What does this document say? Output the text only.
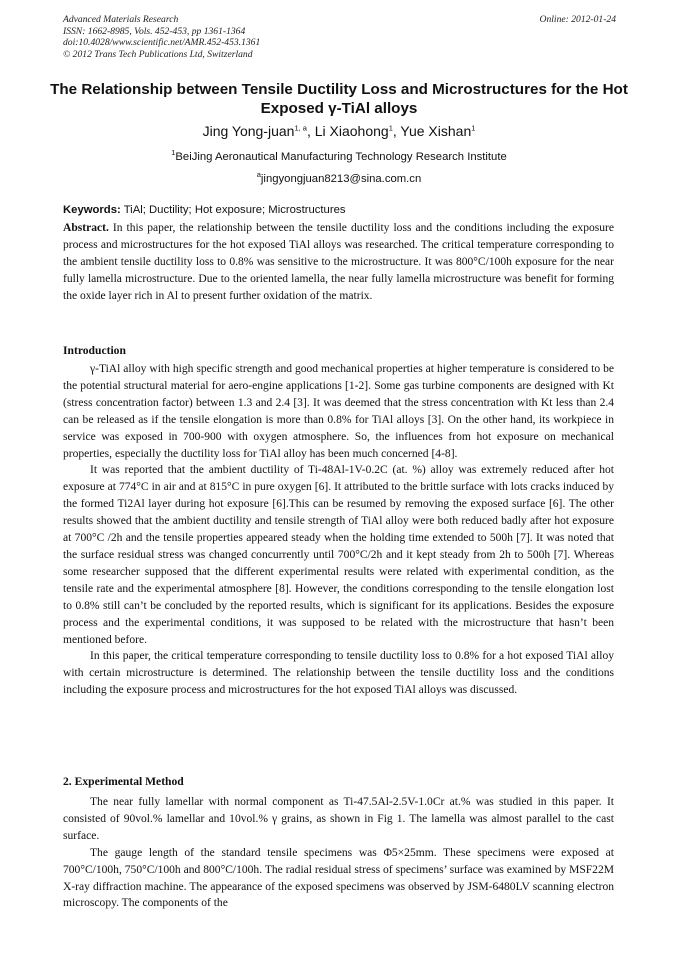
Advanced Materials Research
ISSN: 1662-8985, Vols. 452-453, pp 1361-1364
doi:10.4028/www.scientific.net/AMR.452-453.1361
© 2012 Trans Tech Publications Ltd, Switzerland
Online: 2012-01-24
The Relationship between Tensile Ductility Loss and Microstructures for the Hot Exposed γ-TiAl alloys
Jing Yong-juan$^{1, a}$, Li Xiaohong$^1$, Yue Xishan$^1$
$^1$BeiJing Aeronautical Manufacturing Technology Research Institute
$^a$jingyongjuan8213@sina.com.cn
Keywords: TiAl; Ductility; Hot exposure; Microstructures

Abstract. In this paper, the relationship between the tensile ductility loss and the conditions including the exposure process and microstructures for the hot exposed TiAl alloys was researched. The critical temperature corresponding to the ambient tensile ductility loss to 0.8% was sensitive to the microstructure. It was 800°C/100h exposure for the near fully lamella microstructure. Due to the oriented lamella, the near fully lamella microstructure was benefit for forming the oxide layer rich in Al to present further oxidation of the matrix.

Introduction

γ-TiAl alloy with high specific strength and good mechanical properties at higher temperature is considered to be the potential structural material for aero-engine applications [1-2]. Some gas turbine components are designed with Kt (stress concentration factor) between 1.3 and 2.4 [3]. It was deemed that the stress concentration with Kt less than 2.4 can be released as if the tensile elongation is more than 0.8% for TiAl alloys [3]. On the other hand, its workpiece in service was exposed in 700-900 with oxygen atmosphere. So, the influences from hot exposure on mechanical properties, especially the ductility loss for TiAl alloy has been much concerned [4-8].

It was reported that the ambient ductility of Ti-48Al-1V-0.2C (at. %) alloy was extremely reduced after hot exposure at 774°C in air and at 815°C in pure oxygen [6]. It attributed to the brittle surface with lots cracks induced by the formed Ti2Al layer during hot exposure [6].This can be resumed by removing the exposed surface [6]. The other results showed that the ambient ductility and tensile strength of TiAl alloy were both reduced badly after hot exposure at 700°C /2h and the tensile properties appeared steady when the holding time extended to 500h [7]. It was noted that the surface residual stress was changed concurrently until 700°C/2h and it kept steady from 2h to 500h [7]. Whereas some researcher supposed that the different experimental results were related with experimental condition, as the tensile rate and the experimental atmosphere [8]. However, the conditions corresponding to the tensile elongation lost to 0.8% still can’t be concluded by the reported results, which is significant for its applications. Besides the exposure process and the experimental conditions, it was supposed to be related with the microstructure that hasn’t been mentioned before.

In this paper, the critical temperature corresponding to tensile ductility loss to 0.8% for a hot exposed TiAl alloy with certain microstructure is determined. The relationship between the tensile ductility loss and the conditions including the exposure process and microstructures for the hot exposed TiAl alloys was discussed.

2. Experimental Method

The near fully lamellar with normal component as Ti-47.5Al-2.5V-1.0Cr at.% was studied in this paper. It consisted of 90vol.% lamellar and 10vol.% γ grains, as shown in Fig 1. The lamella was almost parallel to the cast surface.

The gauge length of the standard tensile specimens was Φ5×25mm. These specimens were exposed at 700°C/100h, 750°C/100h and 800°C/100h. The radial residual stress of specimens’ surface was examined by MSF22M X-ray diffraction machine. The appearance of the exposed specimens was observed by JSM-6480LV scanning electron microscopy. The components of the
